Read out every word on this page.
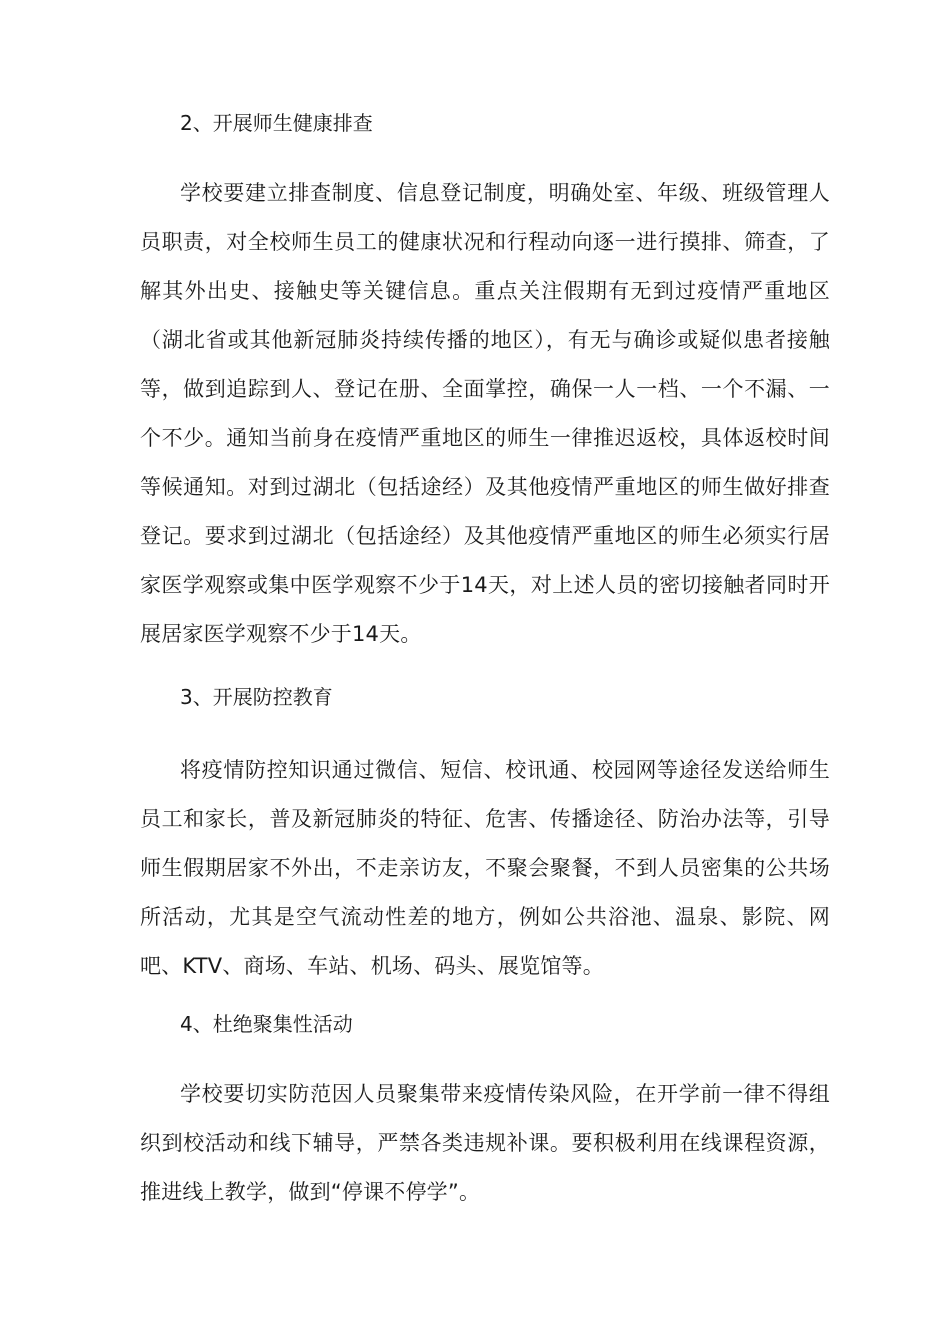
2、开展师生健康排查
学校要建立排查制度、信息登记制度，明确处室、年级、班级管理人员职责，对全校师生员工的健康状况和行程动向逐一进行摸排、筛查，了解其外出史、接触史等关键信息。重点关注假期有无到过疫情严重地区（湖北省或其他新冠肺炎持续传播的地区），有无与确诊或疑似患者接触等，做到追踪到人、登记在册、全面掌控，确保一人一档、一个不漏、一个不少。通知当前身在疫情严重地区的师生一律推迟返校，具体返校时间等候通知。对到过湖北（包括途经）及其他疫情严重地区的师生做好排查登记。要求到过湖北（包括途经）及其他疫情严重地区的师生必须实行居家医学观察或集中医学观察不少于14天，对上述人员的密切接触者同时开展居家医学观察不少于14天。
3、开展防控教育
将疫情防控知识通过微信、短信、校讯通、校园网等途径发送给师生员工和家长，普及新冠肺炎的特征、危害、传播途径、防治办法等，引导师生假期居家不外出，不走亲访友，不聚会聚餐，不到人员密集的公共场所活动，尤其是空气流动性差的地方，例如公共浴池、温泉、影院、网吧、KTV、商场、车站、机场、码头、展览馆等。
4、杜绝聚集性活动
学校要切实防范因人员聚集带来疫情传染风险，在开学前一律不得组织到校活动和线下辅导，严禁各类违规补课。要积极利用在线课程资源，推进线上教学，做到“停课不停学”。
